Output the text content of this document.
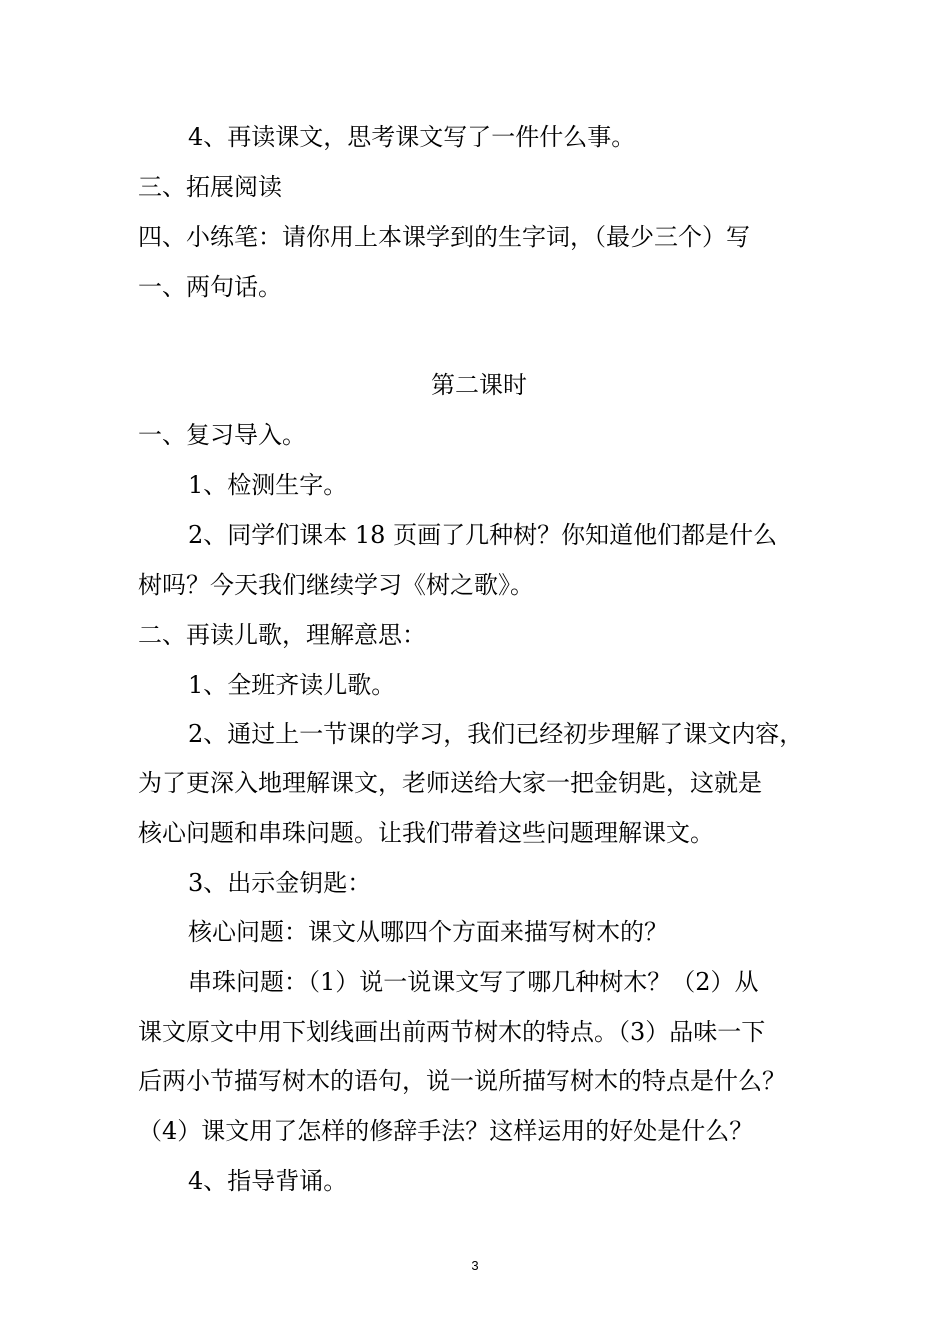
4、再读课文，思考课文写了一件什么事。
三、拓展阅读
四、小练笔：请你用上本课学到的生字词，（最少三个）写
一、两句话。
第二课时
一、复习导入。
1、检测生字。
2、同学们课本 18 页画了几种树？你知道他们都是什么
树吗？今天我们继续学习《树之歌》。
二、再读儿歌，理解意思：
1、全班齐读儿歌。
2、通过上一节课的学习，我们已经初步理解了课文内容，
为了更深入地理解课文，老师送给大家一把金钥匙，这就是
核心问题和串珠问题。让我们带着这些问题理解课文。
3、出示金钥匙：
核心问题：课文从哪四个方面来描写树木的？
串珠问题：（1）说一说课文写了哪几种树木？（2）从
课文原文中用下划线画出前两节树木的特点。（3）品味一下
后两小节描写树木的语句，说一说所描写树木的特点是什么？
（4）课文用了怎样的修辞手法？这样运用的好处是什么？
4、指导背诵。
3
